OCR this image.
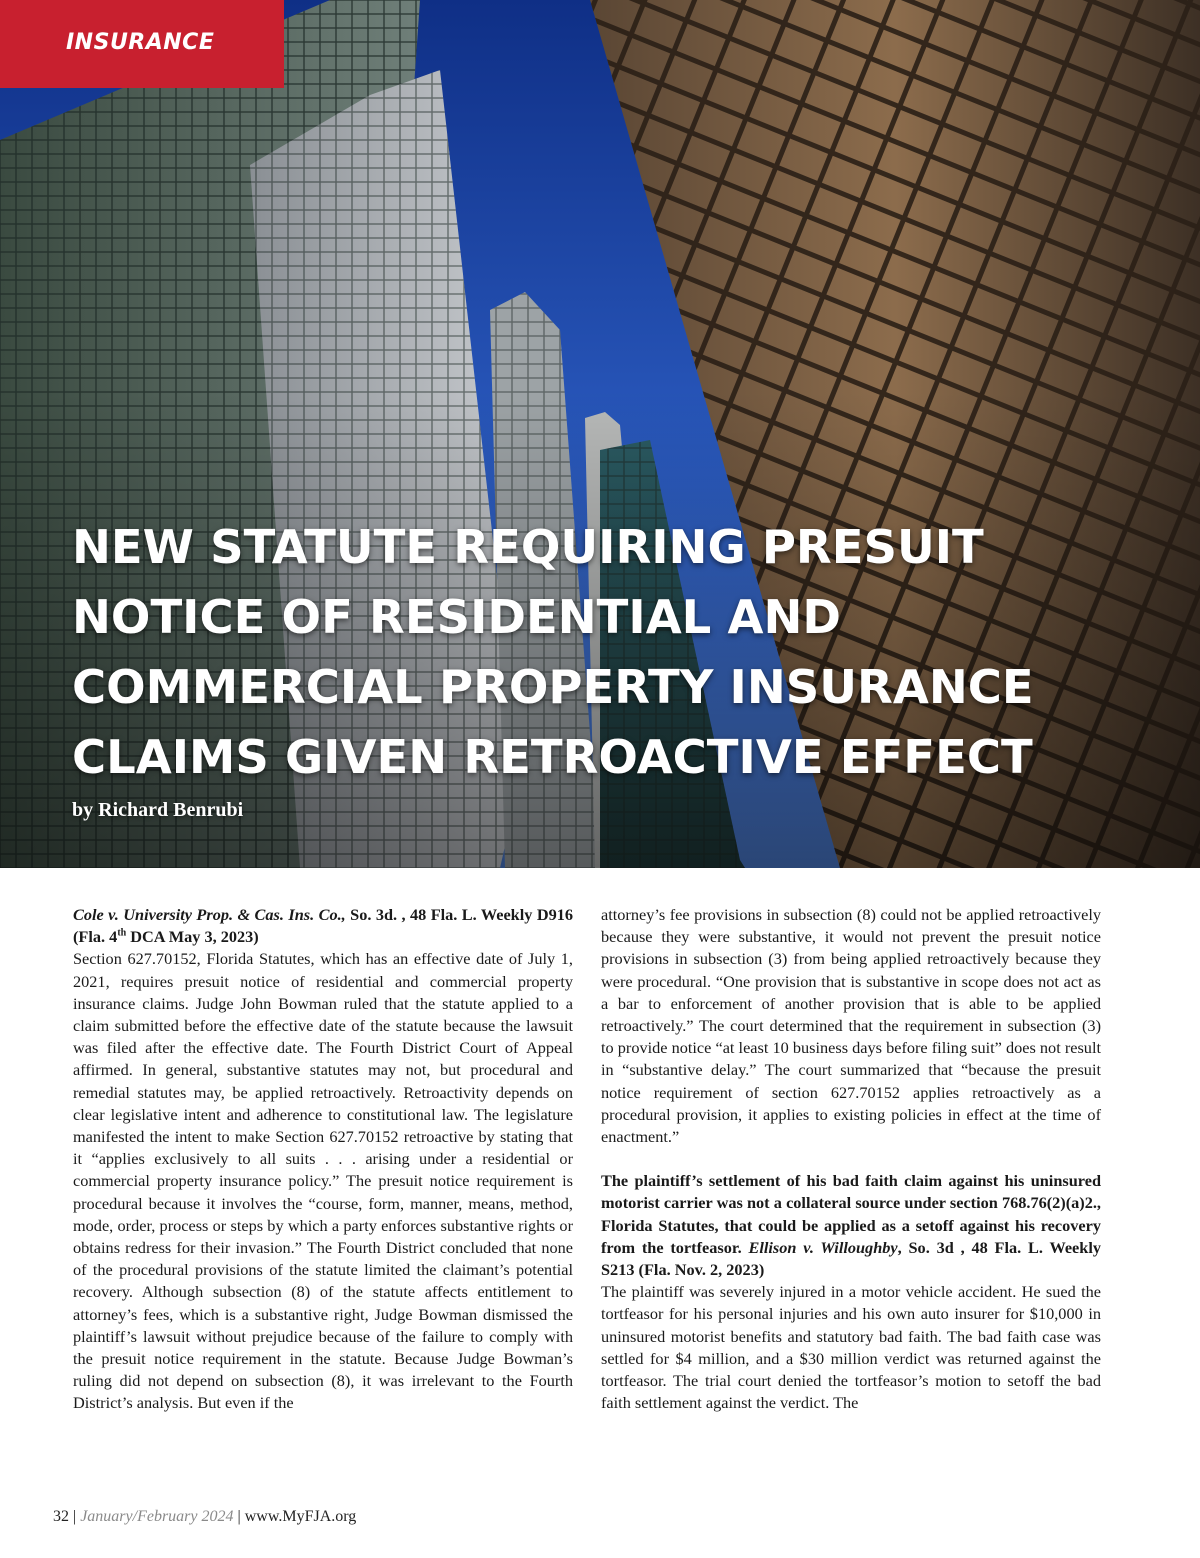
INSURANCE
NEW STATUTE REQUIRING PRESUIT
NOTICE OF RESIDENTIAL AND
COMMERCIAL PROPERTY INSURANCE
CLAIMS GIVEN RETROACTIVE EFFECT
by Richard Benrubi

Cole v. University Prop. & Cas. Ins. Co., So. 3d. , 48 Fla. L. Weekly D916 (Fla. 4th DCA May 3, 2023)

Section 627.70152, Florida Statutes, which has an effective date of July 1, 2021, requires presuit notice of residential and commercial property insurance claims. Judge John Bowman ruled that the statute applied to a claim submitted before the effective date of the statute because the lawsuit was filed after the effective date. The Fourth District Court of Appeal affirmed. In general, substantive statutes may not, but procedural and remedial statutes may, be applied retroactively. Retroactivity depends on clear legislative intent and adherence to constitutional law. The legislature manifested the intent to make Section 627.70152 retroactive by stating that it “applies exclusively to all suits . . . arising under a residential or commercial property insurance policy.” The presuit notice requirement is procedural because it involves the “course, form, manner, means, method, mode, order, process or steps by which a party enforces substantive rights or obtains redress for their invasion.” The Fourth District concluded that none of the procedural provisions of the statute limited the claimant’s potential recovery. Although subsection (8) of the statute affects entitlement to attorney’s fees, which is a substantive right, Judge Bowman dismissed the plaintiff’s lawsuit without prejudice because of the failure to comply with the presuit notice requirement in the statute. Because Judge Bowman’s ruling did not depend on subsection (8), it was irrelevant to the Fourth District’s analysis. But even if the

attorney’s fee provisions in subsection (8) could not be applied retroactively because they were substantive, it would not prevent the presuit notice provisions in subsection (3) from being applied retroactively because they were procedural. “One provision that is substantive in scope does not act as a bar to enforcement of another provision that is able to be applied retroactively.” The court determined that the requirement in subsection (3) to provide notice “at least 10 business days before filing suit” does not result in “substantive delay.” The court summarized that “because the presuit notice requirement of section 627.70152 applies retroactively as a procedural provision, it applies to existing policies in effect at the time of enactment.”

The plaintiff’s settlement of his bad faith claim against his uninsured motorist carrier was not a collateral source under section 768.76(2)(a)2., Florida Statutes, that could be applied as a setoff against his recovery from the tortfeasor. Ellison v. Willoughby, So. 3d , 48 Fla. L. Weekly S213 (Fla. Nov. 2, 2023)

The plaintiff was severely injured in a motor vehicle accident. He sued the tortfeasor for his personal injuries and his own auto insurer for $10,000 in uninsured motorist benefits and statutory bad faith. The bad faith case was settled for $4 million, and a $30 million verdict was returned against the tortfeasor. The trial court denied the tortfeasor’s motion to setoff the bad faith settlement against the verdict. The

32 | January/February 2024 | www.MyFJA.org
